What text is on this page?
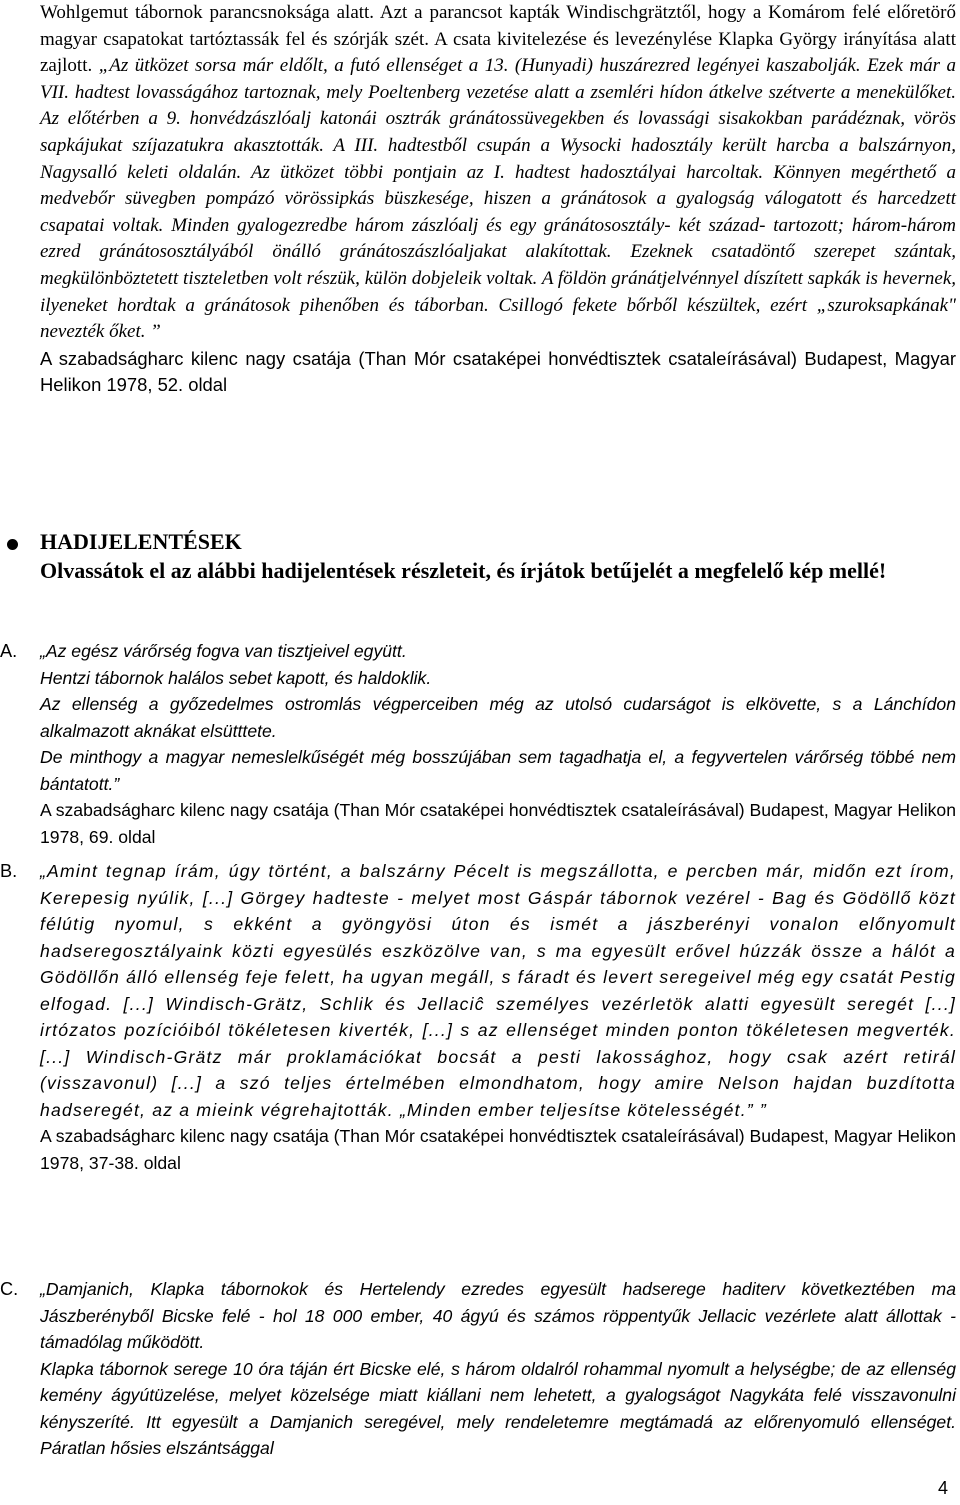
Wohlgemut tábornok parancsnoksága alatt. Azt a parancsot kapták Windischgrätztől, hogy a Komárom felé előretörő magyar csapatokat tartóztassák fel és szórják szét. A csata kivitelezése és levezénylése Klapka György irányítása alatt zajlott. „Az ütközet sorsa már eldőlt, a futó ellenséget a 13. (Hunyadi) huszárezred legényei kaszabolják. Ezek már a VII. hadtest lovasságához tartoznak, mely Poeltenberg vezetése alatt a zsemléri hídon átkelve szétverte a menekülőket. Az előtérben a 9. honvédzászlóalj katonái osztrák gránátossüvegekben és lovassági sisakokban parádéznak, vörös sapkájukat szíjazatukra akasztották. A III. hadtestből csupán a Wysocki hadosztály került harcba a balszárnyon, Nagysalló keleti oldalán. Az ütközet többi pontjain az I. hadtest hadosztályai harcoltak. Könnyen megérthető a medvebőr süvegben pompázó vörössipkás büszkesége, hiszen a gránátosok a gyalogság válogatott és harcedzett csapatai voltak. Minden gyalogezredbe három zászlóalj és egy gránátososztály- két század- tartozott; három-három ezred gránátososztályából önálló gránátoszászlóaljakat alakítottak. Ezeknek csatadöntő szerepet szántak, megkülönböztetett tiszteletben volt részük, külön dobjeleik voltak. A földön gránátjelvénnyel díszített sapkák is hevernek, ilyeneket hordtak a gránátosok pihenőben és táborban. Csillogó fekete bőrből készültek, ezért „szuroksapkának" nevezték őket. ”

A szabadságharc kilenc nagy csatája (Than Mór csataképei honvédtisztek csataleírásával) Budapest, Magyar Helikon 1978, 52. oldal

HADIJELENTÉSEK
Olvassátok el az alábbi hadijelentések részleteit, és írjátok betűjelét a megfelelő kép mellé!
A. „Az egész várőrség fogva van tisztjeivel együtt.
Hentzi tábornok halálos sebet kapott, és haldoklik.
Az ellenség a győzedelmes ostromlás végperceiben még az utolsó cudarságot is elkövette, s a Lánchídon alkalmazott aknákat elsütttete.
De minthogy a magyar nemeslelkűségét még bosszújában sem tagadhatja el, a fegyvertelen várőrség többé nem bántatott.”

A szabadságharc kilenc nagy csatája (Than Mór csataképei honvédtisztek csataleírásával) Budapest, Magyar Helikon 1978, 69. oldal

B. „Amint tegnap írám, úgy történt, a balszárny Pécelt is megszállotta, e percben már, midőn ezt írom, Kerepesig nyúlik, [...] Görgey hadteste - melyet most Gáspár tábornok vezérel - Bag és Gödöllő közt félútig nyomul, s ekként a gyöngyösi úton és ismét a jászberényi vonalon előnyomult hadseregosztályaink közti egyesülés eszközölve van, s ma egyesült erővel húzzák össze a hálót a Gödöllőn álló ellenség feje felett, ha ugyan megáll, s fáradt és levert seregeivel még egy csatát Pestig elfogad. [...] Windisch-Grätz, Schlik és Jellaciĉ személyes vezérletök alatti egyesült seregét [...] irtózatos pozícióiból tökéletesen kiverték, [...] s az ellenséget minden ponton tökéletesen megverték. [...] Windisch-Grätz már proklamációkat bocsát a pesti lakossághoz, hogy csak azért retirál (visszavonul) [...] a szó teljes értelmében elmondhatom, hogy amire Nelson hajdan buzdította hadseregét, az a mieink végrehajtották. „Minden ember teljesítse kötelességét.” ”

A szabadságharc kilenc nagy csatája (Than Mór csataképei honvédtisztek csataleírásával) Budapest, Magyar Helikon 1978, 37-38. oldal

C. „Damjanich, Klapka tábornokok és Hertelendy ezredes egyesült hadserege haditerv következtében ma Jászberényből Bicske felé - hol 18 000 ember, 40 ágyú és számos röppentyűk Jellacic vezérlete alatt állottak - támadólag működött.
Klapka tábornok serege 10 óra táján ért Bicske elé, s három oldalról rohammal nyomult a helységbe; de az ellenség kemény ágyútüzelése, melyet közelsége miatt kiállani nem lehetett, a gyalogságot Nagykáta felé visszavonulni kényszeríté. Itt egyesült a Damjanich seregével, mely rendeletemre megtámadá az előrenyomuló ellenséget. Páratlan hősies elszántsággal

4
